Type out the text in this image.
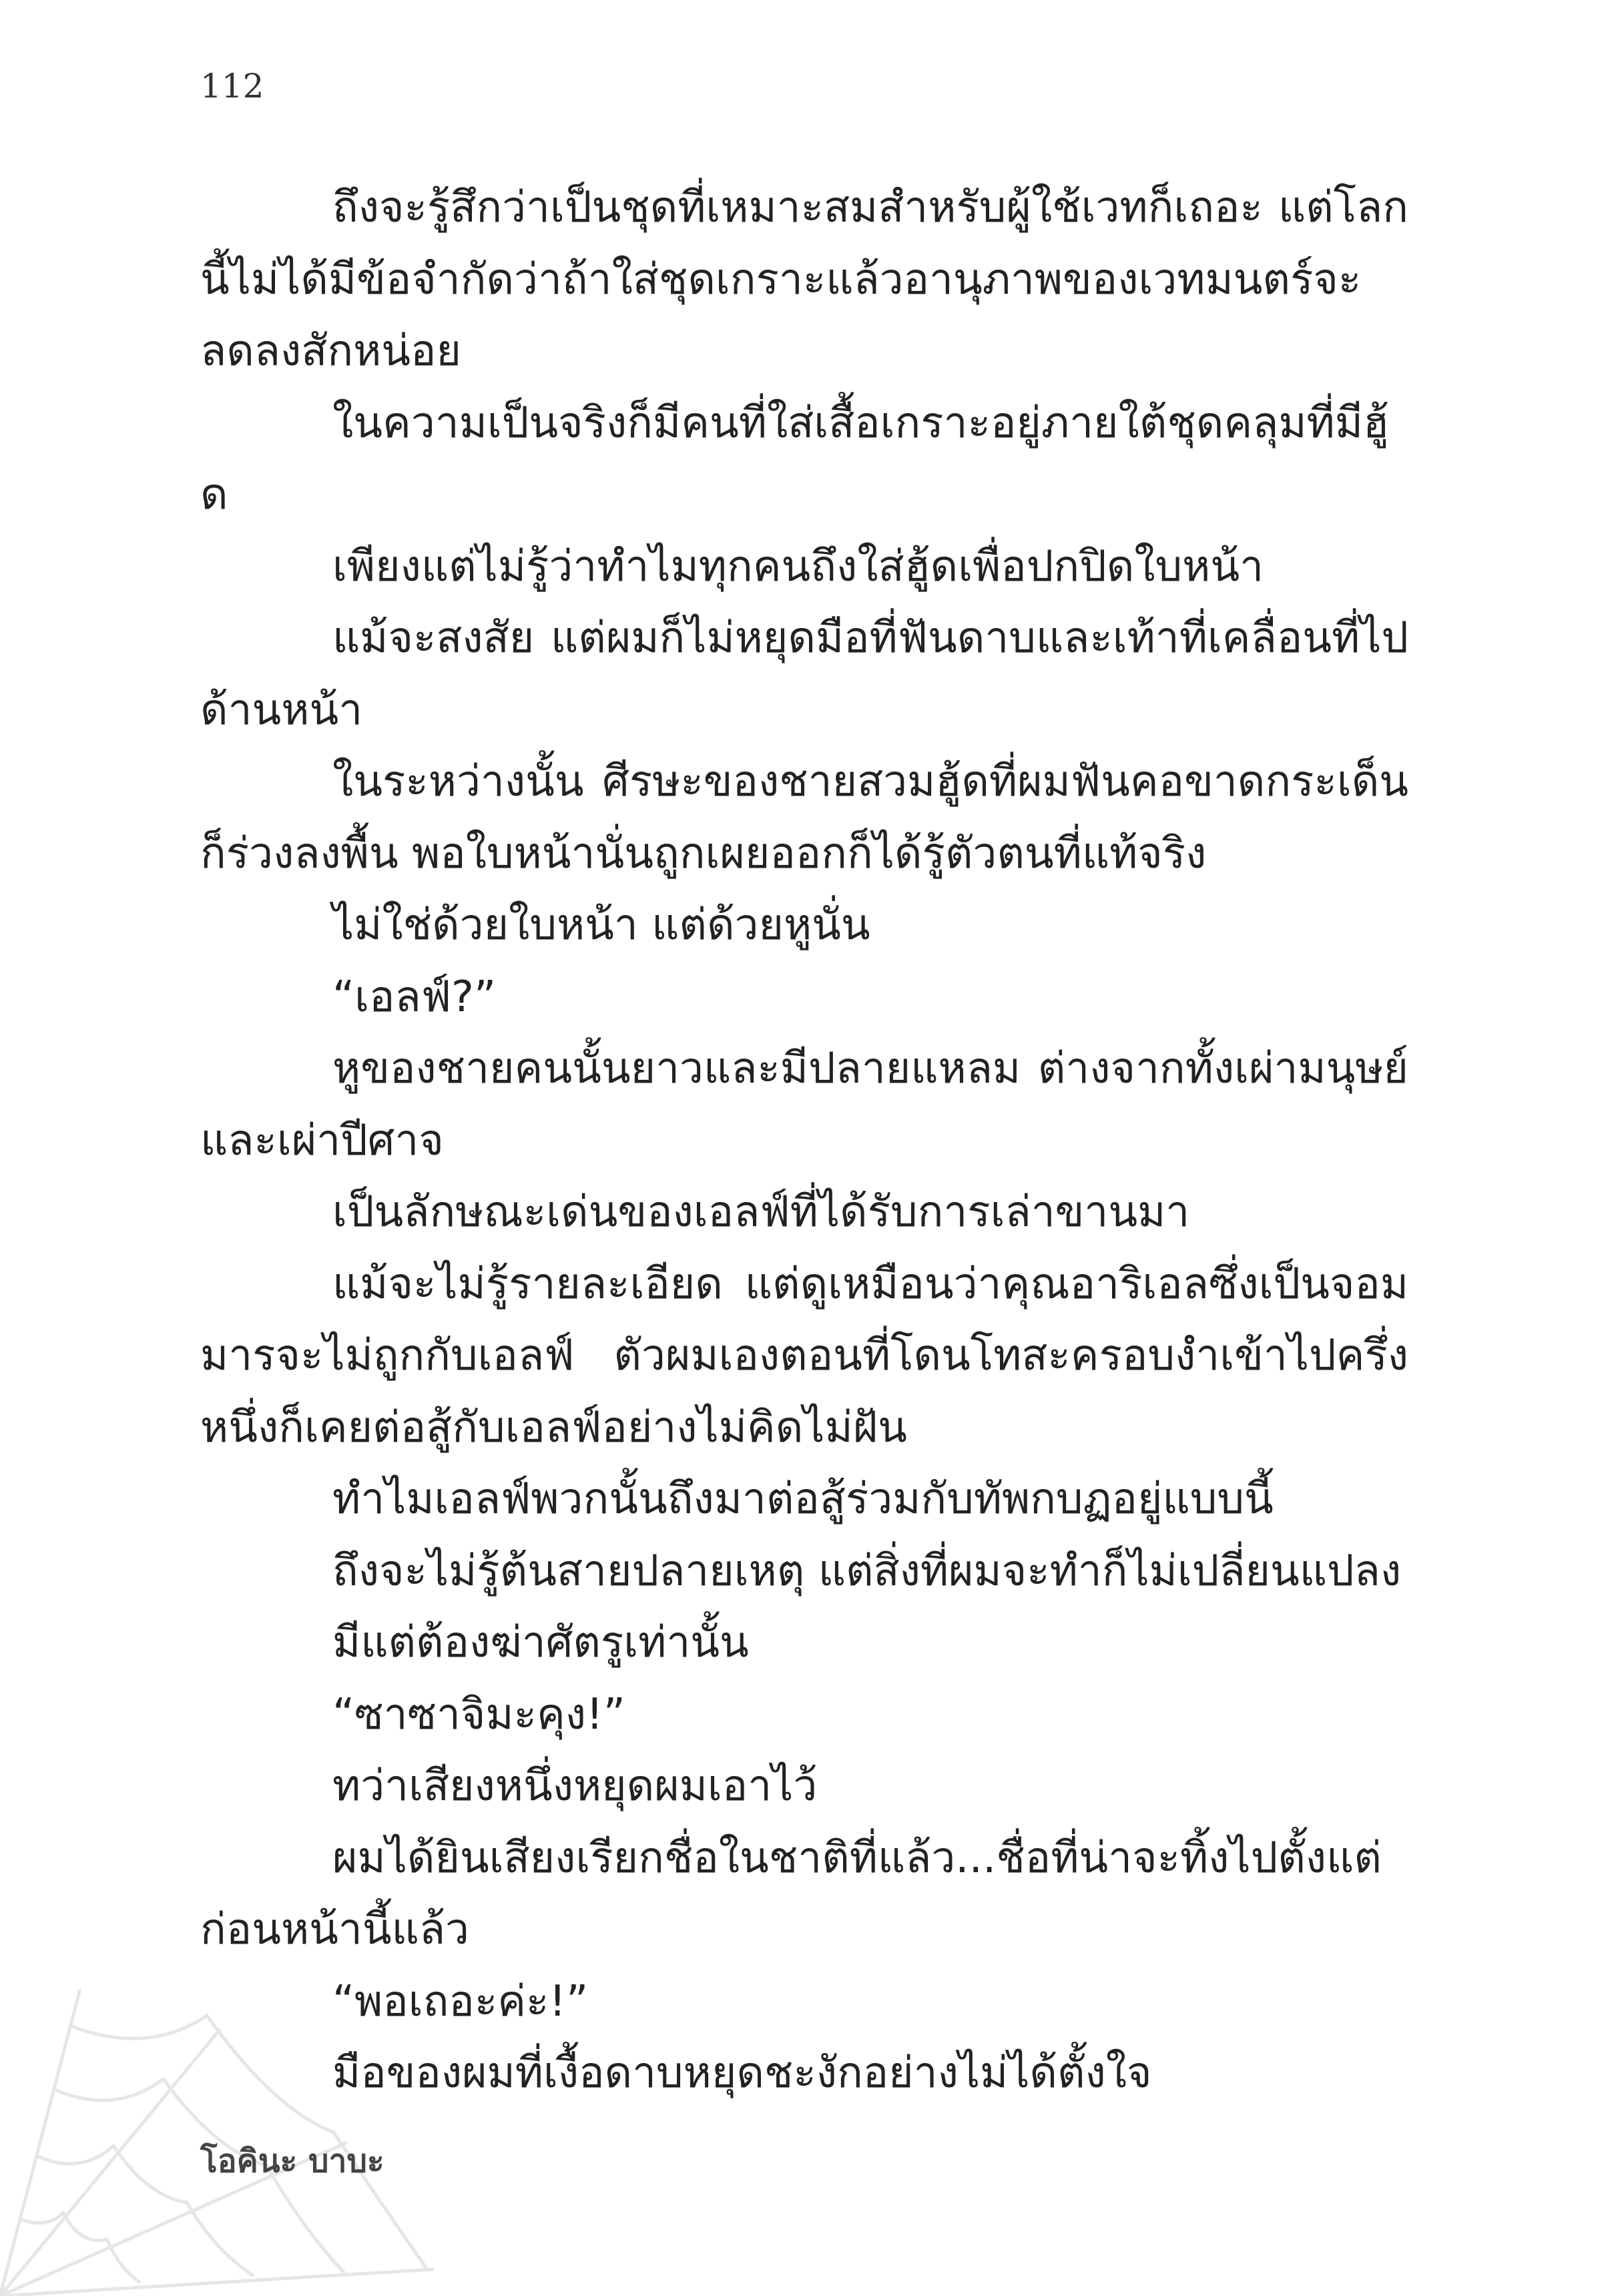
112

ถึงจะรู้สึกว่าเป็นชุดที่เหมาะสมสำหรับผู้ใช้เวทก็เถอะ แต่โลกนี้ไม่ได้มีข้อจำกัดว่าถ้าใส่ชุดเกราะแล้วอานุภาพของเวทมนตร์จะลดลงสักหน่อย

ในความเป็นจริงก็มีคนที่ใส่เสื้อเกราะอยู่ภายใต้ชุดคลุมที่มีฮู้ด

เพียงแต่ไม่รู้ว่าทำไมทุกคนถึงใส่ฮู้ดเพื่อปกปิดใบหน้า

แม้จะสงสัย แต่ผมก็ไม่หยุดมือที่ฟันดาบและเท้าที่เคลื่อนที่ไปด้านหน้า

ในระหว่างนั้น ศีรษะของชายสวมฮู้ดที่ผมฟันคอขาดกระเด็นก็ร่วงลงพื้น พอใบหน้านั่นถูกเผยออกก็ได้รู้ตัวตนที่แท้จริง

ไม่ใช่ด้วยใบหน้า แต่ด้วยหูนั่น

“เอลฟ์?”

หูของชายคนนั้นยาวและมีปลายแหลม ต่างจากทั้งเผ่ามนุษย์และเผ่าปีศาจ

เป็นลักษณะเด่นของเอลฟ์ที่ได้รับการเล่าขานมา

แม้จะไม่รู้รายละเอียด แต่ดูเหมือนว่าคุณอาริเอลซึ่งเป็นจอมมารจะไม่ถูกกับเอลฟ์ ตัวผมเองตอนที่โดนโทสะครอบงำเข้าไปครึ่งหนึ่งก็เคยต่อสู้กับเอลฟ์อย่างไม่คิดไม่ฝัน

ทำไมเอลฟ์พวกนั้นถึงมาต่อสู้ร่วมกับทัพกบฏอยู่แบบนี้

ถึงจะไม่รู้ต้นสายปลายเหตุ แต่สิ่งที่ผมจะทำก็ไม่เปลี่ยนแปลง

มีแต่ต้องฆ่าศัตรูเท่านั้น

“ซาซาจิมะคุง!”

ทว่าเสียงหนึ่งหยุดผมเอาไว้

ผมได้ยินเสียงเรียกชื่อในชาติที่แล้ว...ชื่อที่น่าจะทิ้งไปตั้งแต่ก่อนหน้านี้แล้ว

“พอเถอะค่ะ!”

มือของผมที่เงื้อดาบหยุดชะงักอย่างไม่ได้ตั้งใจ

โอคินะ บาบะ
